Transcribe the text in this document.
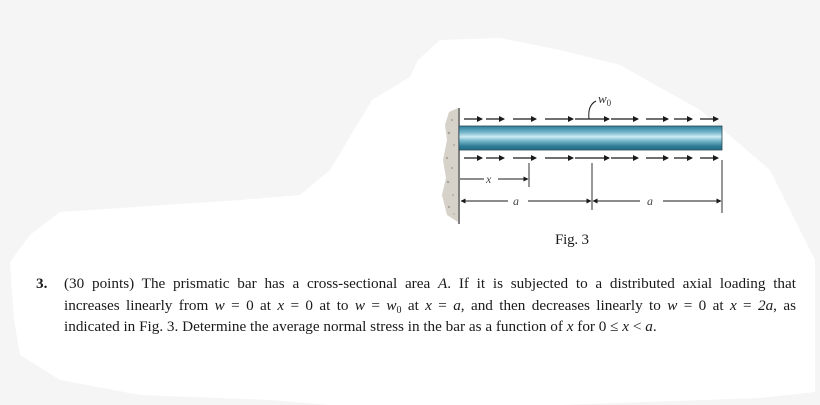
$w_0$
x
a	a
Fig. 3
3. (30 points) The prismatic bar has a cross-sectional area A. If it is subjected to a distributed axial loading that
increases linearly from w = 0 at x = 0 at to $w = w_0$ at x = a, and then decreases linearly to w = 0 at x = 2a, as
indicated in Fig. 3. Determine the average normal stress in the bar as a function of x for 0 ≤ x < a.
